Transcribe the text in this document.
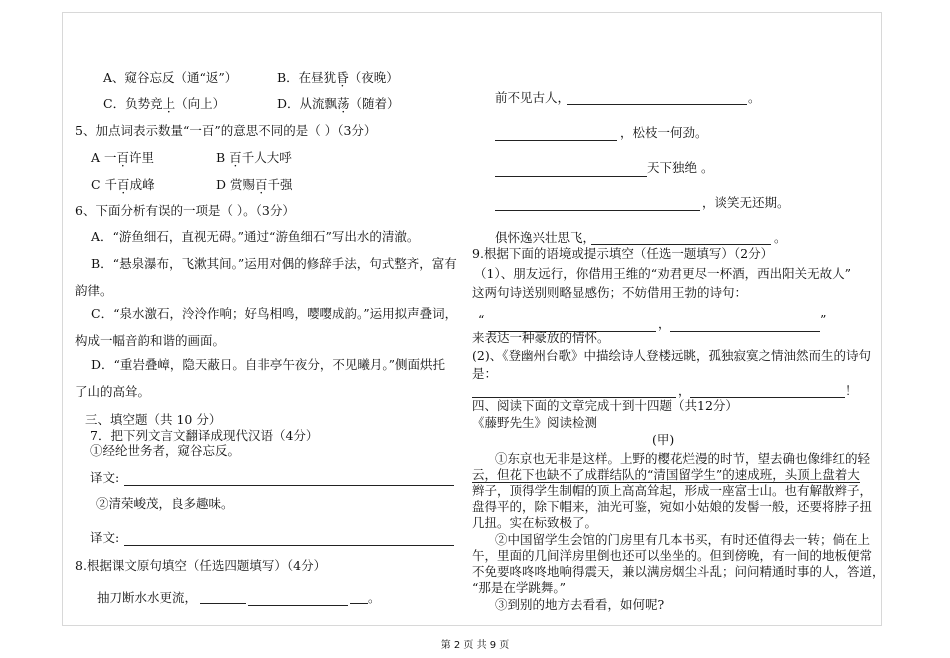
A、窥谷忘反（通“返”）	B．在昼犹昏（夜晚）
C．负势竞上（向上）	D．从流飘荡（随着）
5、加点词表示数量“一百”的意思不同的是（ ）（3分）
A 一百许里	B 百千人大呼
C 千百成峰	D 赏赐百千强
6、下面分析有误的一项是（ ）。（3分）
A．“游鱼细石，直视无碍。”通过“游鱼细石”写出水的清澈。
B．“悬泉瀑布，飞漱其间。”运用对偶的修辞手法，句式整齐，富有
韵律。
C．“泉水激石，泠泠作响；好鸟相鸣，嘤嘤成韵。”运用拟声叠词，
构成一幅音韵和谐的画面。
D．“重岩叠嶂，隐天蔽日。自非亭午夜分，不见曦月。”侧面烘托
了山的高耸。
三、填空题（共 10 分）
7．把下列文言文翻译成现代汉语（4分）
①经纶世务者，窥谷忘反。
译文:
②清荣峻茂，良多趣味。
译文:
8.根据课文原句填空（任选四题填写）（4分）
抽刀断水水更流，	。
前不见古人，	。
，松枝一何劲。
天下独绝 。
，谈笑无还期。
俱怀逸兴壮思飞，	。
9.根据下面的语境或提示填空（任选一题填写）（2分）
（1）、朋友远行，你借用王维的“劝君更尽一杯酒，西出阳关无故人”
这两句诗送别则略显感伤；不妨借用王勃的诗句：
“	，	”
来表达一种豪放的情怀。
(2)、《登幽州台歌》中描绘诗人登楼远眺，孤独寂寞之情油然而生的诗句
是：
，	！
四、阅读下面的文章完成十到十四题（共12分）
《藤野先生》阅读检测
(甲)
①东京也无非是这样。上野的樱花烂漫的时节，望去确也像绯红的轻
云，但花下也缺不了成群结队的“清国留学生”的速成班，头顶上盘着大
辫子，顶得学生制帽的顶上高高耸起，形成一座富士山。也有解散辫子，
盘得平的，除下帽来，油光可鉴，宛如小姑娘的发髻一般，还要将脖子扭
几扭。实在标致极了。
②中国留学生会馆的门房里有几本书买，有时还值得去一转；倘在上
午，里面的几间洋房里倒也还可以坐坐的。但到傍晚，有一间的地板便常
不免要咚咚咚地响得震天，兼以满房烟尘斗乱；问问精通时事的人，答道，
“那是在学跳舞。”
③到别的地方去看看，如何呢?
第 2 页 共 9 页
